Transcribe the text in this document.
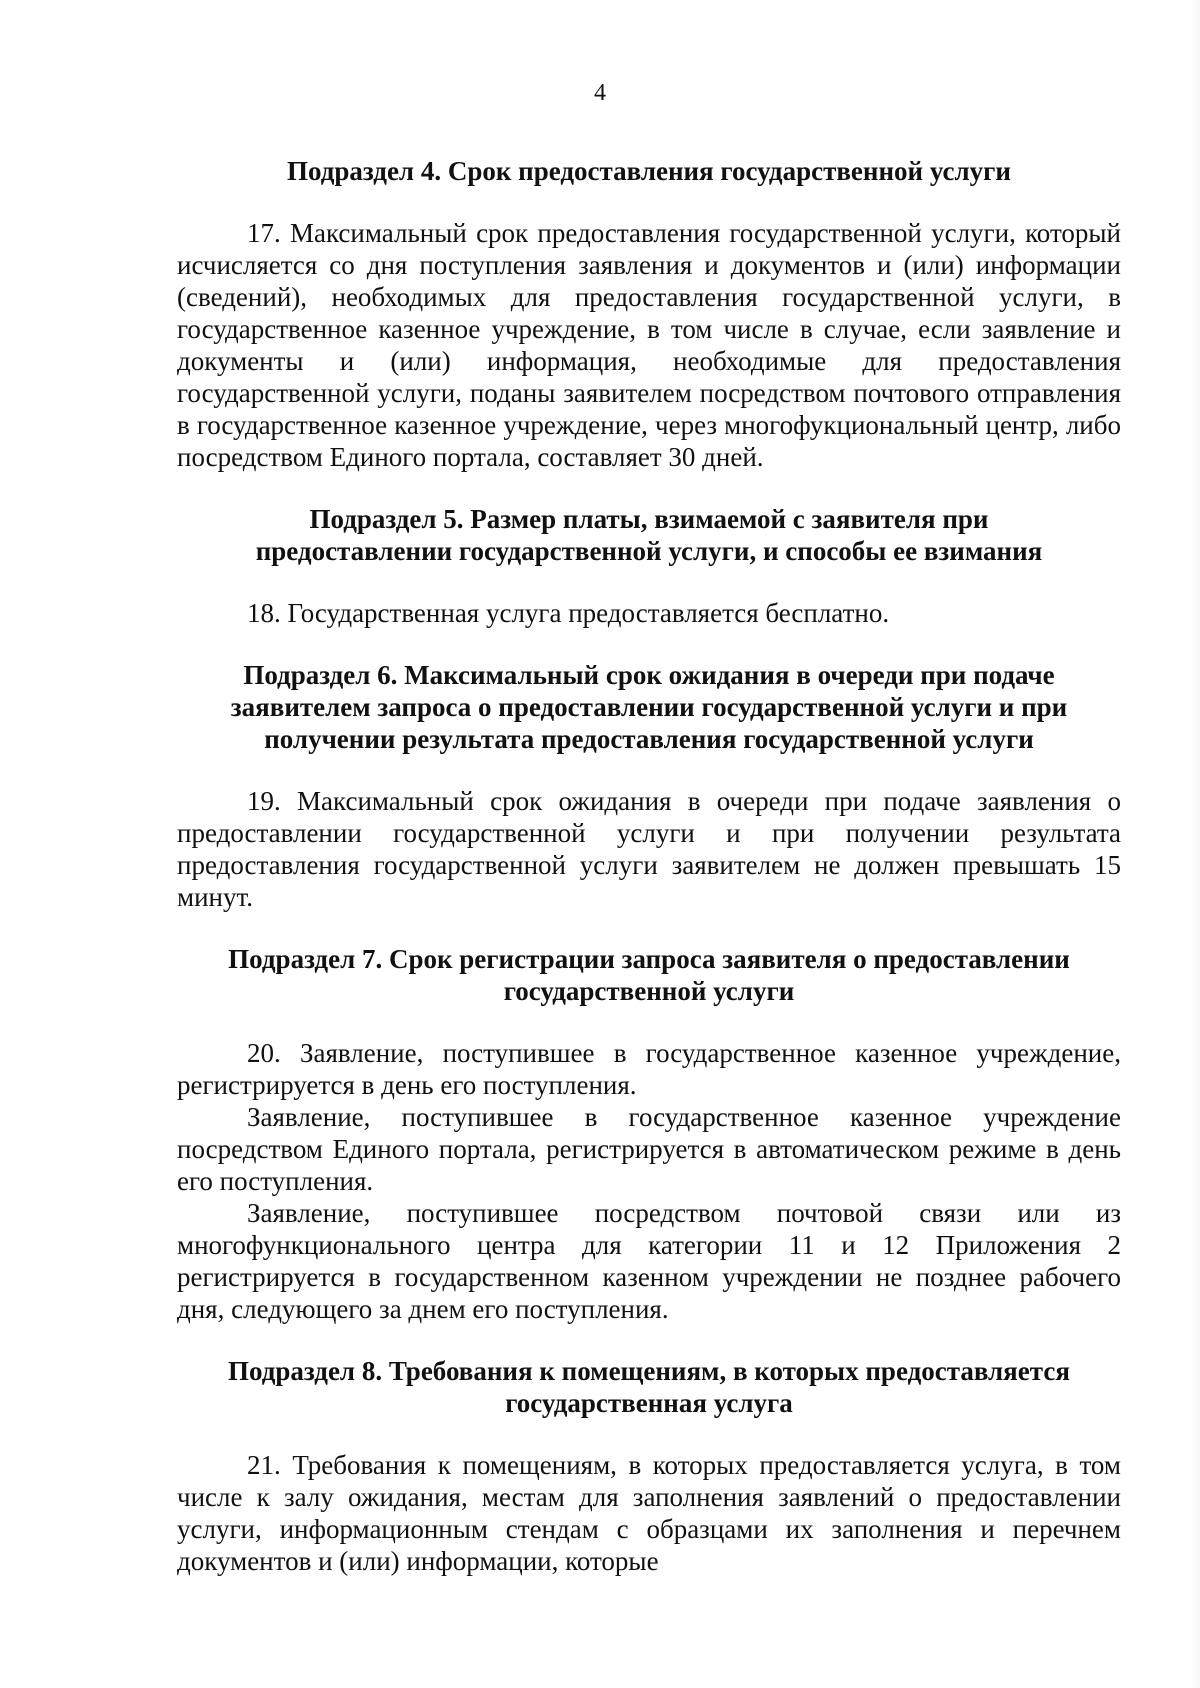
4

Подраздел 4. Срок предоставления государственной услуги

17. Максимальный срок предоставления государственной услуги, который исчисляется со дня поступления заявления и документов и (или) информации (сведений), необходимых для предоставления государственной услуги, в государственное казенное учреждение, в том числе в случае, если заявление и документы и (или) информация, необходимые для предоставления государственной услуги, поданы заявителем посредством почтового отправления в государственное казенное учреждение, через многофукциональный центр, либо посредством Единого портала, составляет 30 дней.

Подраздел 5. Размер платы, взимаемой с заявителя при

предоставлении государственной услуги, и способы ее взимания

18. Государственная услуга предоставляется бесплатно.

Подраздел 6. Максимальный срок ожидания в очереди при подаче

заявителем запроса о предоставлении государственной услуги и при

получении результата предоставления государственной услуги

19. Максимальный срок ожидания в очереди при подаче заявления о предоставлении государственной услуги и при получении результата предоставления государственной услуги заявителем не должен превышать 15 минут.

Подраздел 7. Срок регистрации запроса заявителя о предоставлении

государственной услуги

20. Заявление, поступившее в государственное казенное учреждение, регистрируется в день его поступления.

Заявление, поступившее в государственное казенное учреждение посредством Единого портала, регистрируется в автоматическом режиме в день его поступления.

Заявление, поступившее посредством почтовой связи или из многофункционального центра для категории 11 и 12 Приложения 2 регистрируется в государственном казенном учреждении не позднее рабочего дня, следующего за днем его поступления.

Подраздел 8. Требования к помещениям, в которых предоставляется

государственная услуга

21. Требования к помещениям, в которых предоставляется услуга, в том числе к залу ожидания, местам для заполнения заявлений о предоставлении услуги, информационным стендам с образцами их заполнения и перечнем документов и (или) информации, которые
